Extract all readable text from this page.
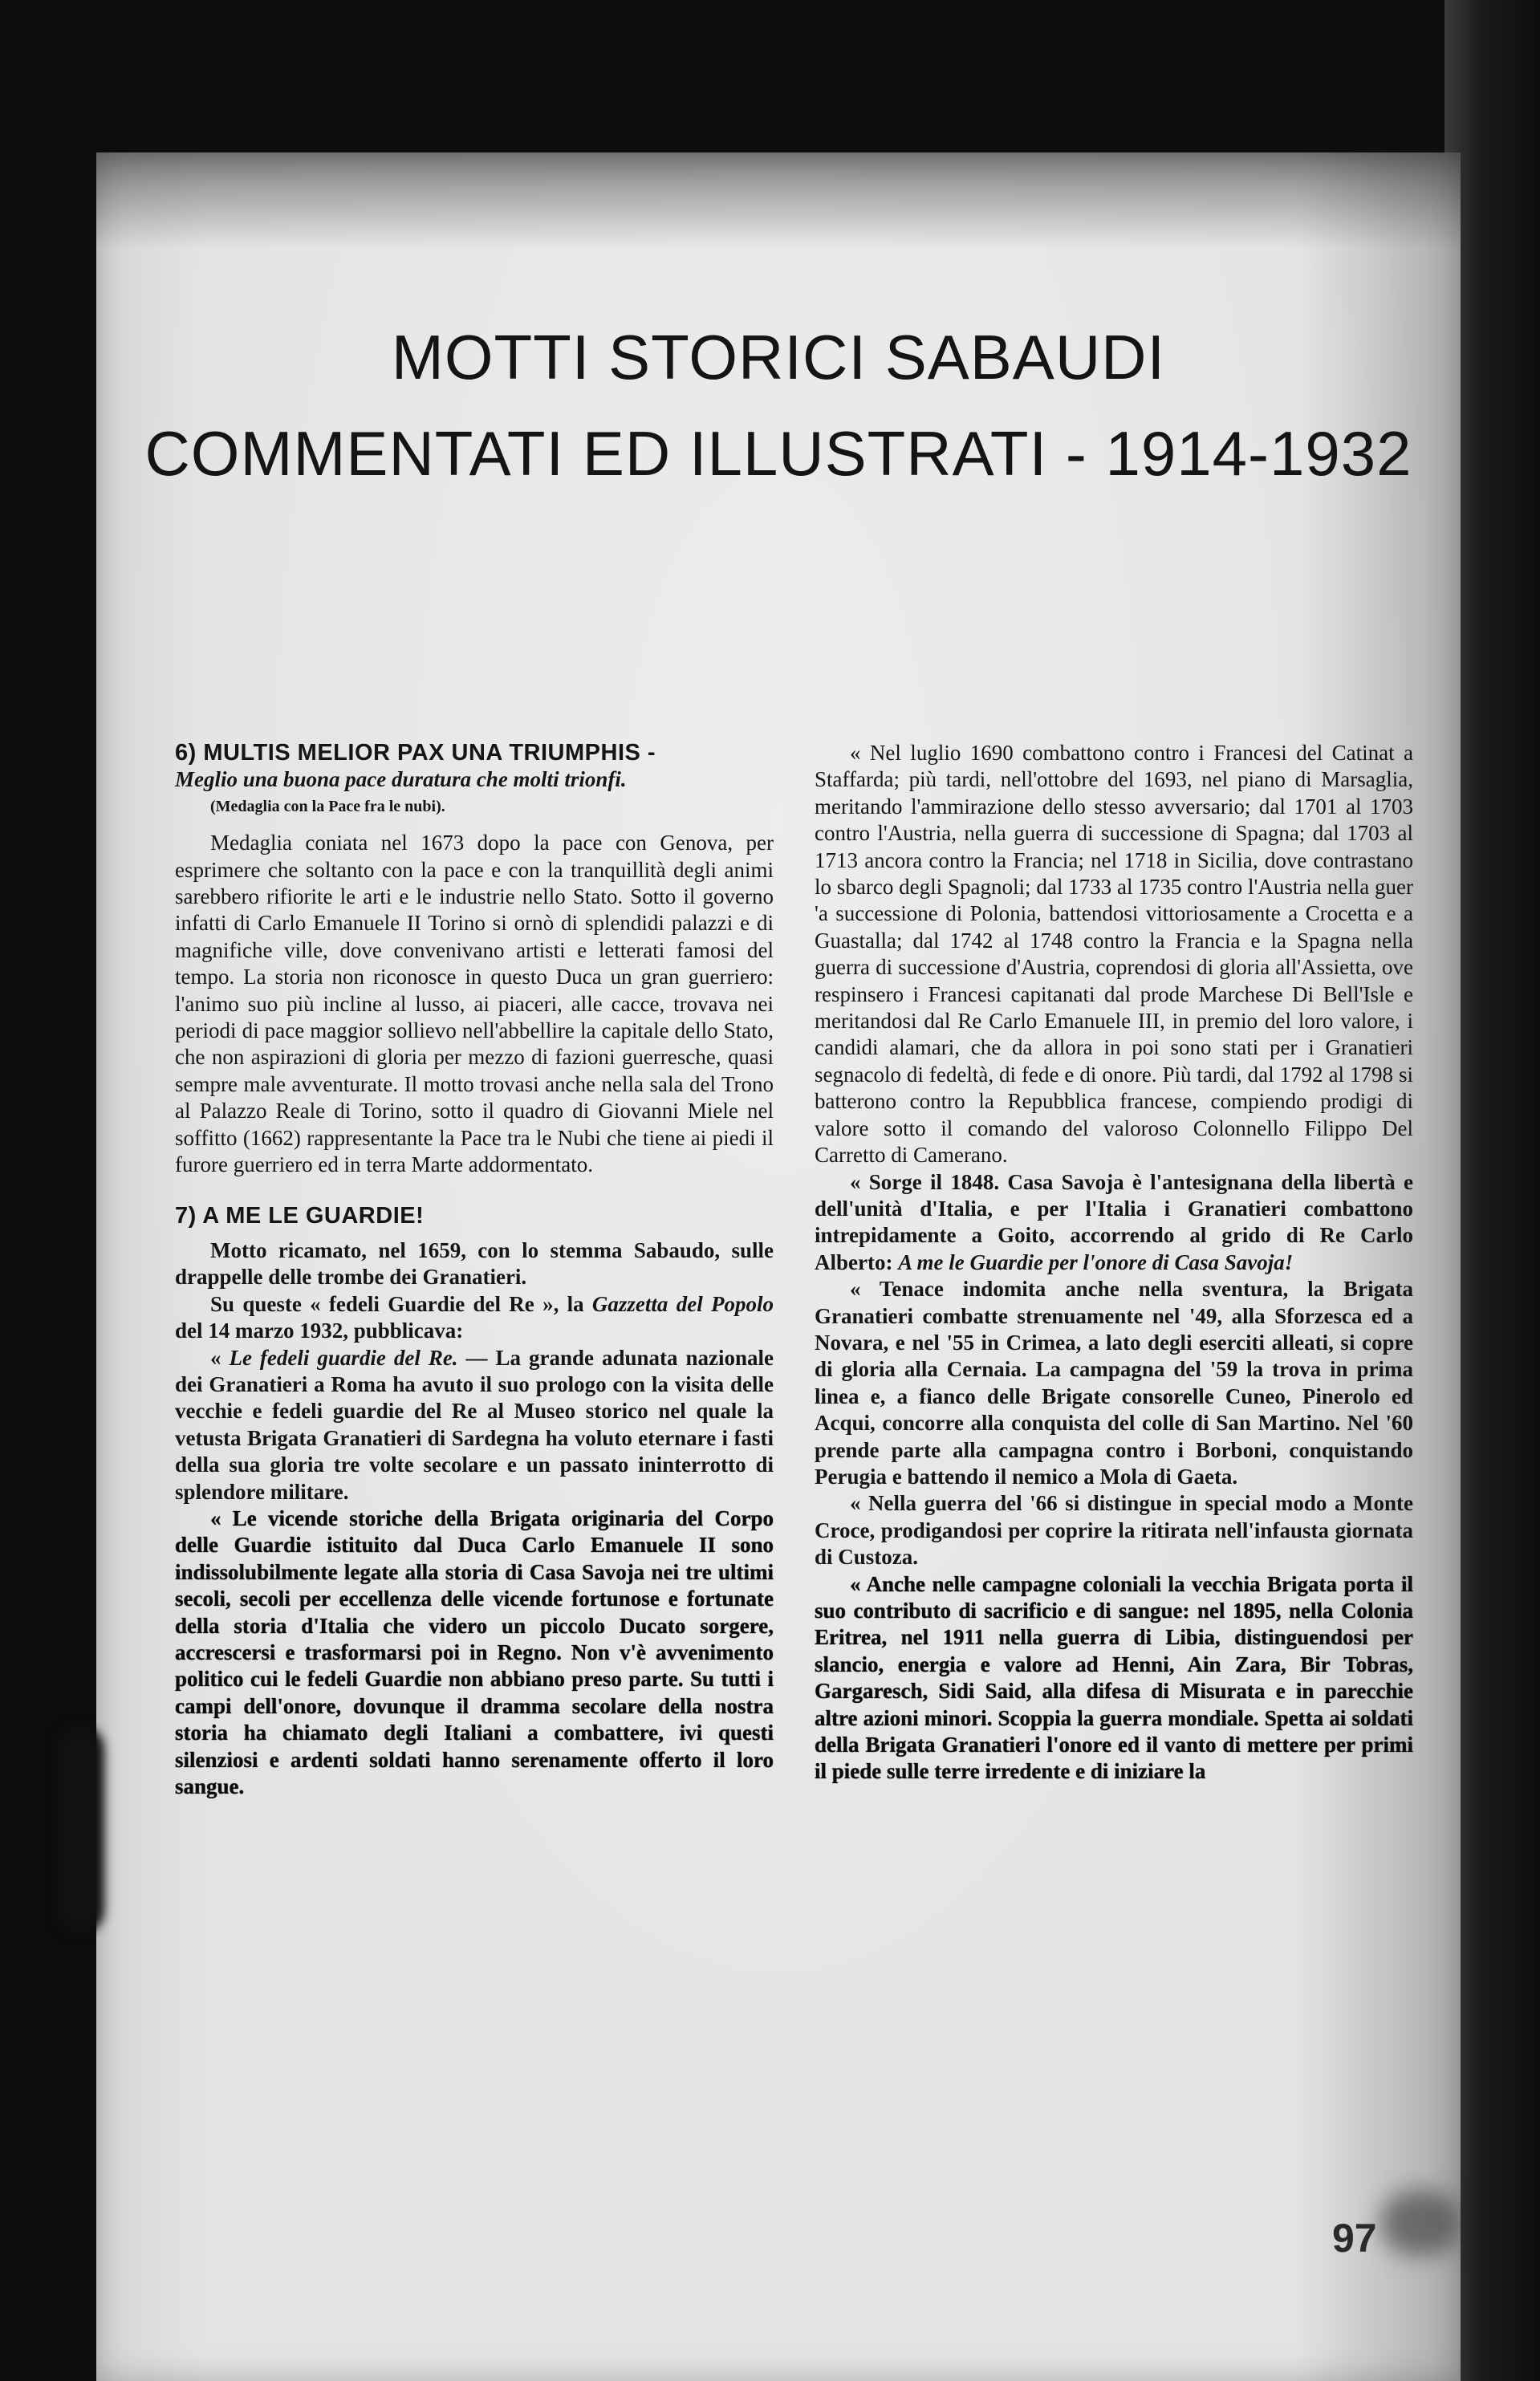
MOTTI STORICI SABAUDI
COMMENTATI ED ILLUSTRATI - 1914-1932

6) MULTIS MELIOR PAX UNA TRIUMPHIS -

Meglio una buona pace duratura che molti trionfi.

(Medaglia con la Pace fra le nubi).

Medaglia coniata nel 1673 dopo la pace con Genova, per esprimere che soltanto con la pace e con la tranquillità degli animi sarebbero rifiorite le arti e le industrie nello Stato. Sotto il governo infatti di Carlo Emanuele II Torino si ornò di splendidi palazzi e di magnifiche ville, dove convenivano artisti e letterati famosi del tempo. La storia non riconosce in questo Duca un gran guerriero: l'animo suo più incline al lusso, ai piaceri, alle cacce, trovava nei periodi di pace maggior sollievo nell'abbellire la capitale dello Stato, che non aspirazioni di gloria per mezzo di fazioni guerresche, quasi sempre male avventurate. Il motto trovasi anche nella sala del Trono al Palazzo Reale di Torino, sotto il quadro di Giovanni Miele nel soffitto (1662) rappresentante la Pace tra le Nubi che tiene ai piedi il furore guerriero ed in terra Marte addormentato.

7) A ME LE GUARDIE!

Motto ricamato, nel 1659, con lo stemma Sabaudo, sulle drappelle delle trombe dei Granatieri.

Su queste « fedeli Guardie del Re », la Gazzetta del Popolo del 14 marzo 1932, pubblicava:

« Le fedeli guardie del Re. — La grande adunata nazionale dei Granatieri a Roma ha avuto il suo prologo con la visita delle vecchie e fedeli guardie del Re al Museo storico nel quale la vetusta Brigata Granatieri di Sardegna ha voluto eternare i fasti della sua gloria tre volte secolare e un passato ininterrotto di splendore militare.

« Le vicende storiche della Brigata originaria del Corpo delle Guardie istituito dal Duca Carlo Emanuele II sono indissolubilmente legate alla storia di Casa Savoja nei tre ultimi secoli, secoli per eccellenza delle vicende fortunose e fortunate della storia d'Italia che videro un piccolo Ducato sorgere, accrescersi e trasformarsi poi in Regno. Non v'è avvenimento politico cui le fedeli Guardie non abbiano preso parte. Su tutti i campi dell'onore, dovunque il dramma secolare della nostra storia ha chiamato degli Italiani a combattere, ivi questi silenziosi e ardenti soldati hanno serenamente offerto il loro sangue.

« Nel luglio 1690 combattono contro i Francesi del Catinat a Staffarda; più tardi, nell'ottobre del 1693, nel piano di Marsaglia, meritando l'ammirazione dello stesso avversario; dal 1701 al 1703 contro l'Austria, nella guerra di successione di Spagna; dal 1703 al 1713 ancora contro la Francia; nel 1718 in Sicilia, dove contrastano lo sbarco degli Spagnoli; dal 1733 al 1735 contro l'Austria nella guer 'a successione di Polonia, battendosi vittoriosamente a Crocetta e a Guastalla; dal 1742 al 1748 contro la Francia e la Spagna nella guerra di successione d'Austria, coprendosi di gloria all'Assietta, ove respinsero i Francesi capitanati dal prode Marchese Di Bell'Isle e meritandosi dal Re Carlo Emanuele III, in premio del loro valore, i candidi alamari, che da allora in poi sono stati per i Granatieri segnacolo di fedeltà, di fede e di onore. Più tardi, dal 1792 al 1798 si batterono contro la Repubblica francese, compiendo prodigi di valore sotto il comando del valoroso Colonnello Filippo Del Carretto di Camerano.

« Sorge il 1848. Casa Savoja è l'antesignana della libertà e dell'unità d'Italia, e per l'Italia i Granatieri combattono intrepidamente a Goito, accorrendo al grido di Re Carlo Alberto: A me le Guardie per l'onore di Casa Savoja!

« Tenace indomita anche nella sventura, la Brigata Granatieri combatte strenuamente nel '49, alla Sforzesca ed a Novara, e nel '55 in Crimea, a lato degli eserciti alleati, si copre di gloria alla Cernaia. La campagna del '59 la trova in prima linea e, a fianco delle Brigate consorelle Cuneo, Pinerolo ed Acqui, concorre alla conquista del colle di San Martino. Nel '60 prende parte alla campagna contro i Borboni, conquistando Perugia e battendo il nemico a Mola di Gaeta.

« Nella guerra del '66 si distingue in special modo a Monte Croce, prodigandosi per coprire la ritirata nell'infausta giornata di Custoza.

« Anche nelle campagne coloniali la vecchia Brigata porta il suo contributo di sacrificio e di sangue: nel 1895, nella Colonia Eritrea, nel 1911 nella guerra di Libia, distinguendosi per slancio, energia e valore ad Henni, Ain Zara, Bir Tobras, Gargaresch, Sidi Said, alla difesa di Misurata e in parecchie altre azioni minori. Scoppia la guerra mondiale. Spetta ai soldati della Brigata Granatieri l'onore ed il vanto di mettere per primi il piede sulle terre irredente e di iniziare la

97
